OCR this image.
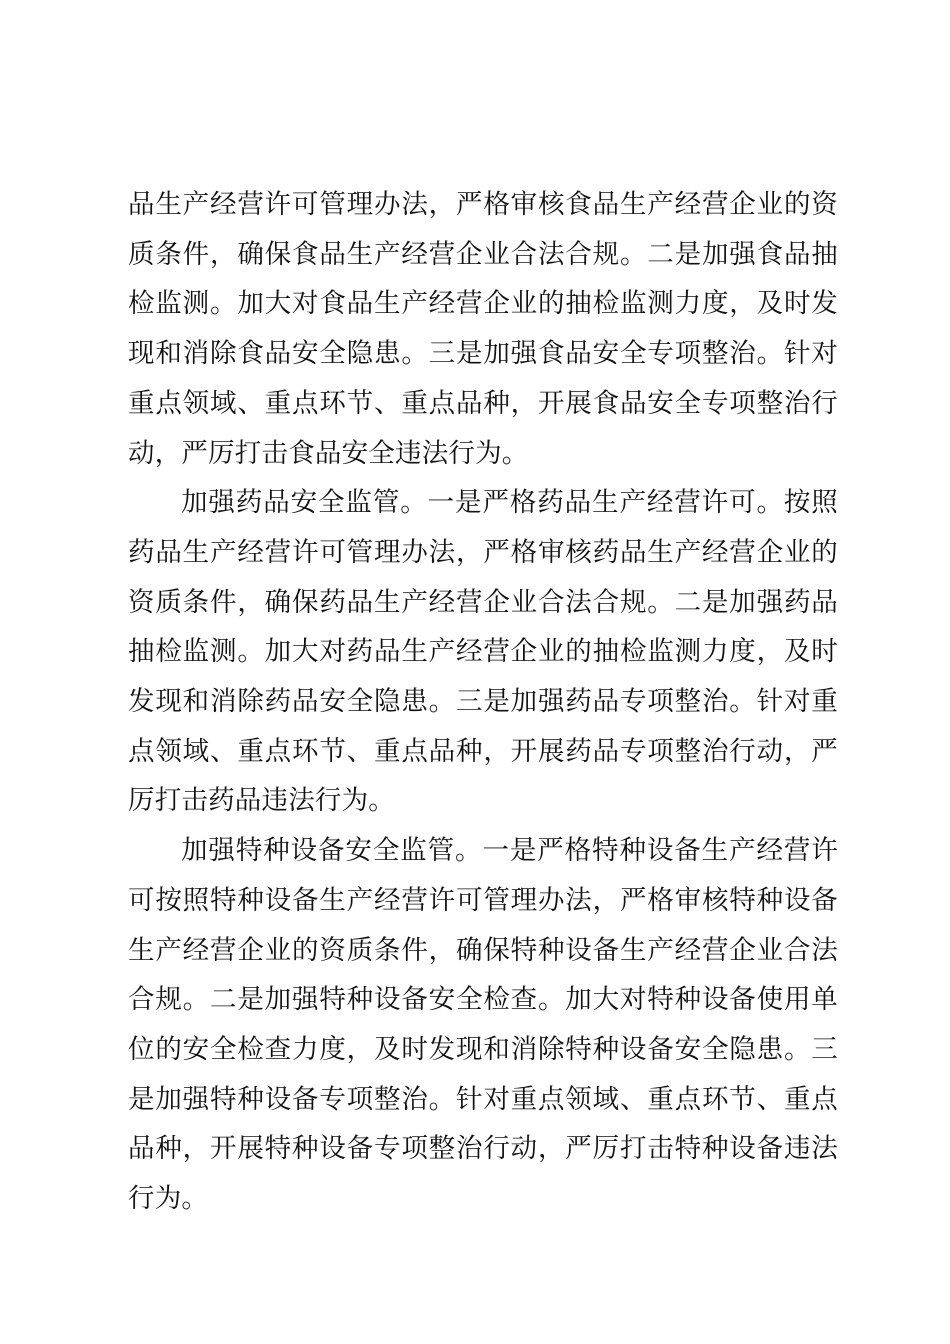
品生产经营许可管理办法，严格审核食品生产经营企业的资质条件，确保食品生产经营企业合法合规。二是加强食品抽检监测。加大对食品生产经营企业的抽检监测力度，及时发现和消除食品安全隐患。三是加强食品安全专项整治。针对重点领域、重点环节、重点品种，开展食品安全专项整治行动，严厉打击食品安全违法行为。

加强药品安全监管。一是严格药品生产经营许可。按照药品生产经营许可管理办法，严格审核药品生产经营企业的资质条件，确保药品生产经营企业合法合规。二是加强药品抽检监测。加大对药品生产经营企业的抽检监测力度，及时发现和消除药品安全隐患。三是加强药品专项整治。针对重点领域、重点环节、重点品种，开展药品专项整治行动，严厉打击药品违法行为。

加强特种设备安全监管。一是严格特种设备生产经营许可按照特种设备生产经营许可管理办法，严格审核特种设备生产经营企业的资质条件，确保特种设备生产经营企业合法合规。二是加强特种设备安全检查。加大对特种设备使用单位的安全检查力度，及时发现和消除特种设备安全隐患。三是加强特种设备专项整治。针对重点领域、重点环节、重点品种，开展特种设备专项整治行动，严厉打击特种设备违法行为。
